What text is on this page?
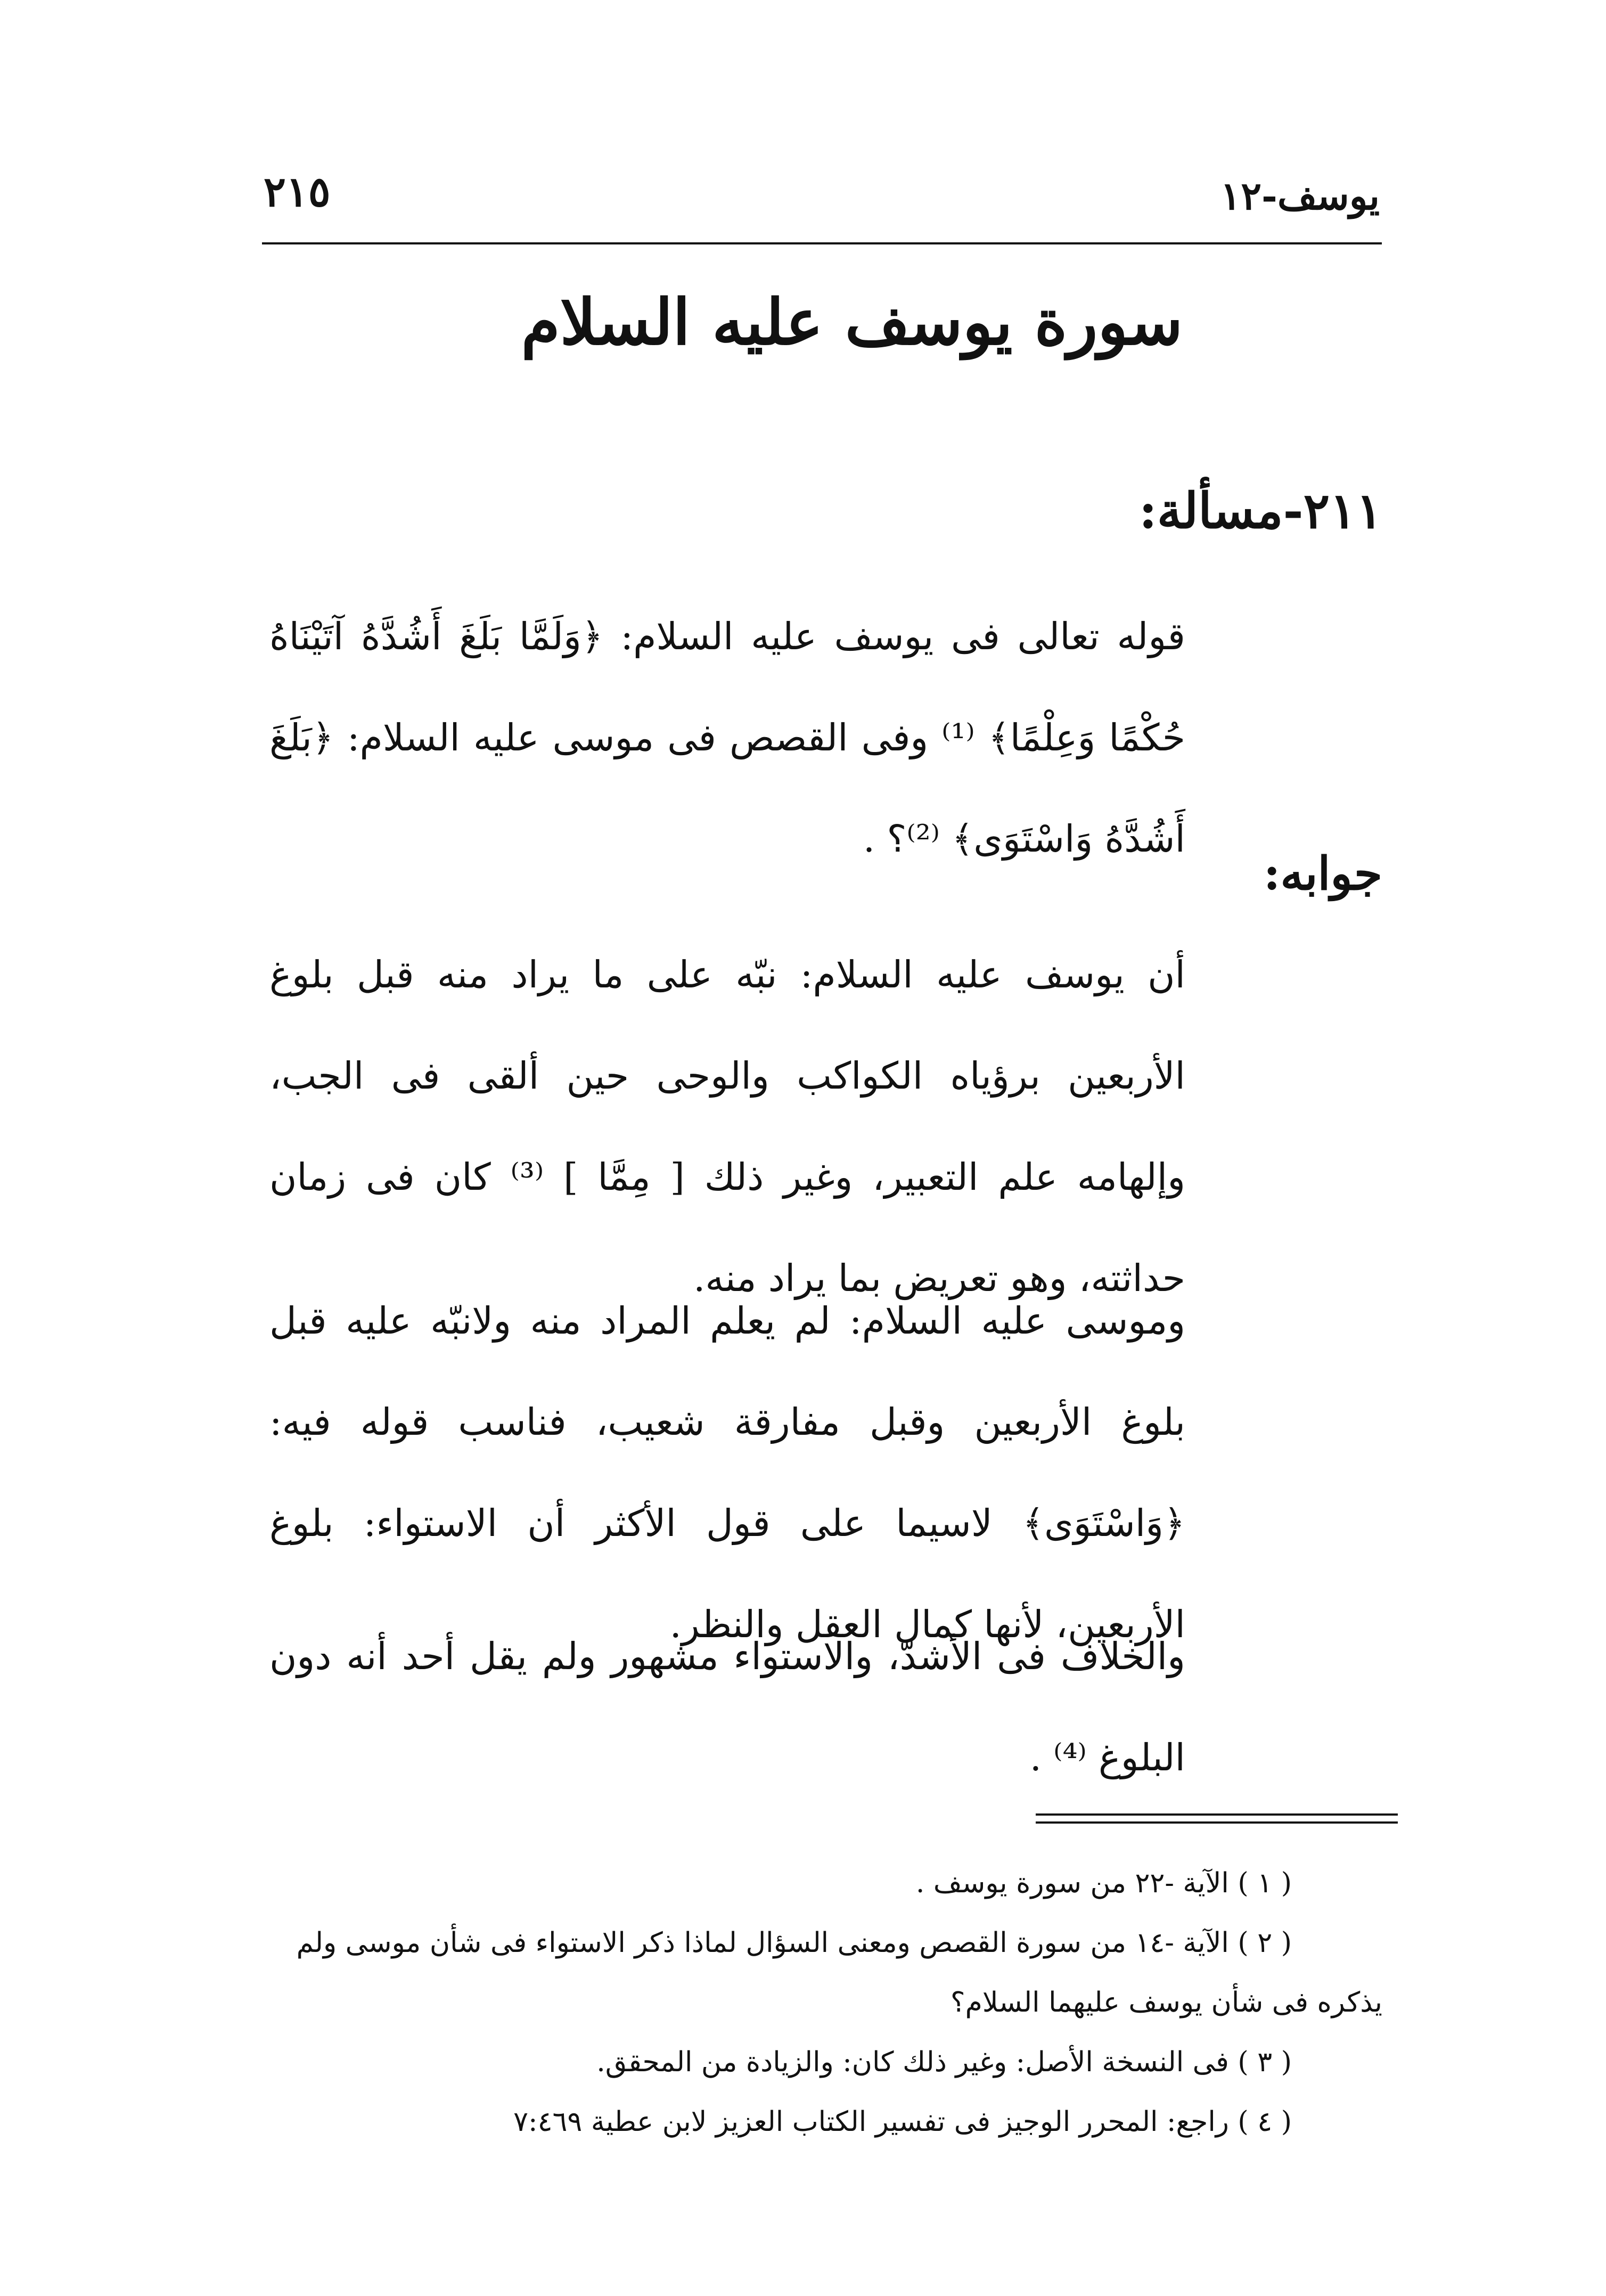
٢١٥	يوسف-١٢
سورة يوسف عليه السلام
٢١١-مسألة:
قوله تعالى فى يوسف عليه السلام: ﴿وَلَمَّا بَلَغَ أَشُدَّهُ آتَيْنَاهُ حُكْمًا وَعِلْمًا﴾ ⁽¹⁾ وفى القصص فى موسى عليه السلام: ﴿بَلَغَ أَشُدَّهُ وَاسْتَوَى﴾ ⁽²⁾؟ .
جوابه:
أن يوسف عليه السلام: نبّه على ما يراد منه قبل بلوغ الأربعين برؤياه الكواكب والوحى حين ألقى فى الجب، وإلهامه علم التعبير، وغير ذلك [ مِمَّا ] ⁽³⁾ كان فى زمان حداثته، وهو تعريض بما يراد منه.
وموسى عليه السلام: لم يعلم المراد منه ولانبّه عليه قبل بلوغ الأربعين وقبل مفارقة شعيب، فناسب قوله فيه: ﴿وَاسْتَوَى﴾ لاسيما على قول الأكثر أن الاستواء: بلوغ الأربعين، لأنها كمال العقل والنظر.
والخلاف فى الأشدّ، والاستواء مشهور ولم يقل أحد أنه دون البلوغ ⁽⁴⁾ .

( ١ ) الآية -٢٢ من سورة يوسف .

( ٢ ) الآية -١٤ من سورة القصص ومعنى السؤال لماذا ذكر الاستواء فى شأن موسى ولم

يذكره فى شأن يوسف عليهما السلام؟

( ٣ ) فى النسخة الأصل: وغير ذلك كان: والزيادة من المحقق.

( ٤ ) راجع: المحرر الوجيز فى تفسير الكتاب العزيز لابن عطية ٧:٤٦٩
